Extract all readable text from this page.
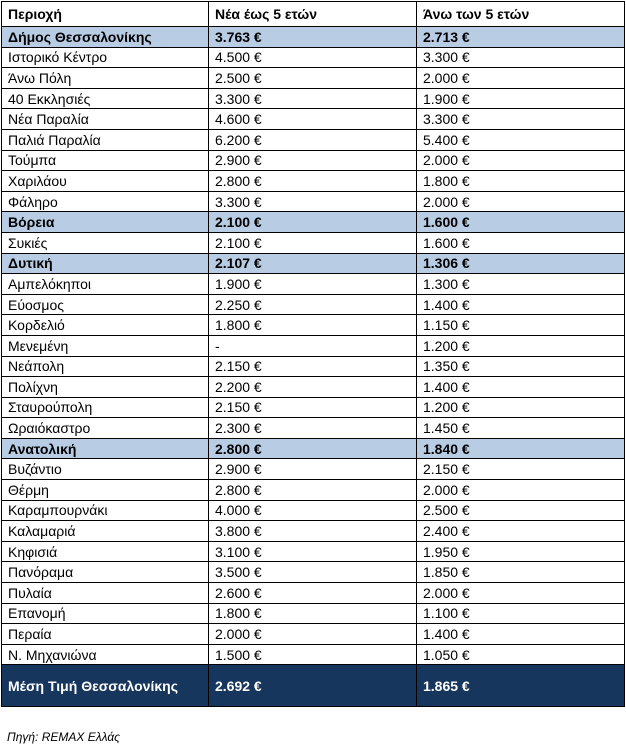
Περιοχή	Νέα έως 5 ετών	Άνω των 5 ετών
Δήμος Θεσσαλονίκης	3.763 €	2.713 €
Ιστορικό Κέντρο	4.500 €	3.300 €
Άνω Πόλη	2.500 €	2.000 €
40 Εκκλησιές	3.300 €	1.900 €
Νέα Παραλία	4.600 €	3.300 €
Παλιά Παραλία	6.200 €	5.400 €
Τούμπα	2.900 €	2.000 €
Χαριλάου	2.800 €	1.800 €
Φάληρο	3.300 €	2.000 €
Βόρεια	2.100 €	1.600 €
Συκιές	2.100 €	1.600 €
Δυτική	2.107 €	1.306 €
Αμπελόκηποι	1.900 €	1.300 €
Εύοσμος	2.250 €	1.400 €
Κορδελιό	1.800 €	1.150 €
Μενεμένη	-	1.200 €
Νεάπολη	2.150 €	1.350 €
Πολίχνη	2.200 €	1.400 €
Σταυρούπολη	2.150 €	1.200 €
Ωραιόκαστρο	2.300 €	1.450 €
Ανατολική	2.800 €	1.840 €
Βυζάντιο	2.900 €	2.150 €
Θέρμη	2.800 €	2.000 €
Καραμπουρνάκι	4.000 €	2.500 €
Καλαμαριά	3.800 €	2.400 €
Κηφισιά	3.100 €	1.950 €
Πανόραμα	3.500 €	1.850 €
Πυλαία	2.600 €	2.000 €
Επανομή	1.800 €	1.100 €
Περαία	2.000 €	1.400 €
Ν. Μηχανιώνα	1.500 €	1.050 €
Μέση Τιμή Θεσσαλονίκης	2.692 €	1.865 €
Πηγή: REMAX Ελλάς
